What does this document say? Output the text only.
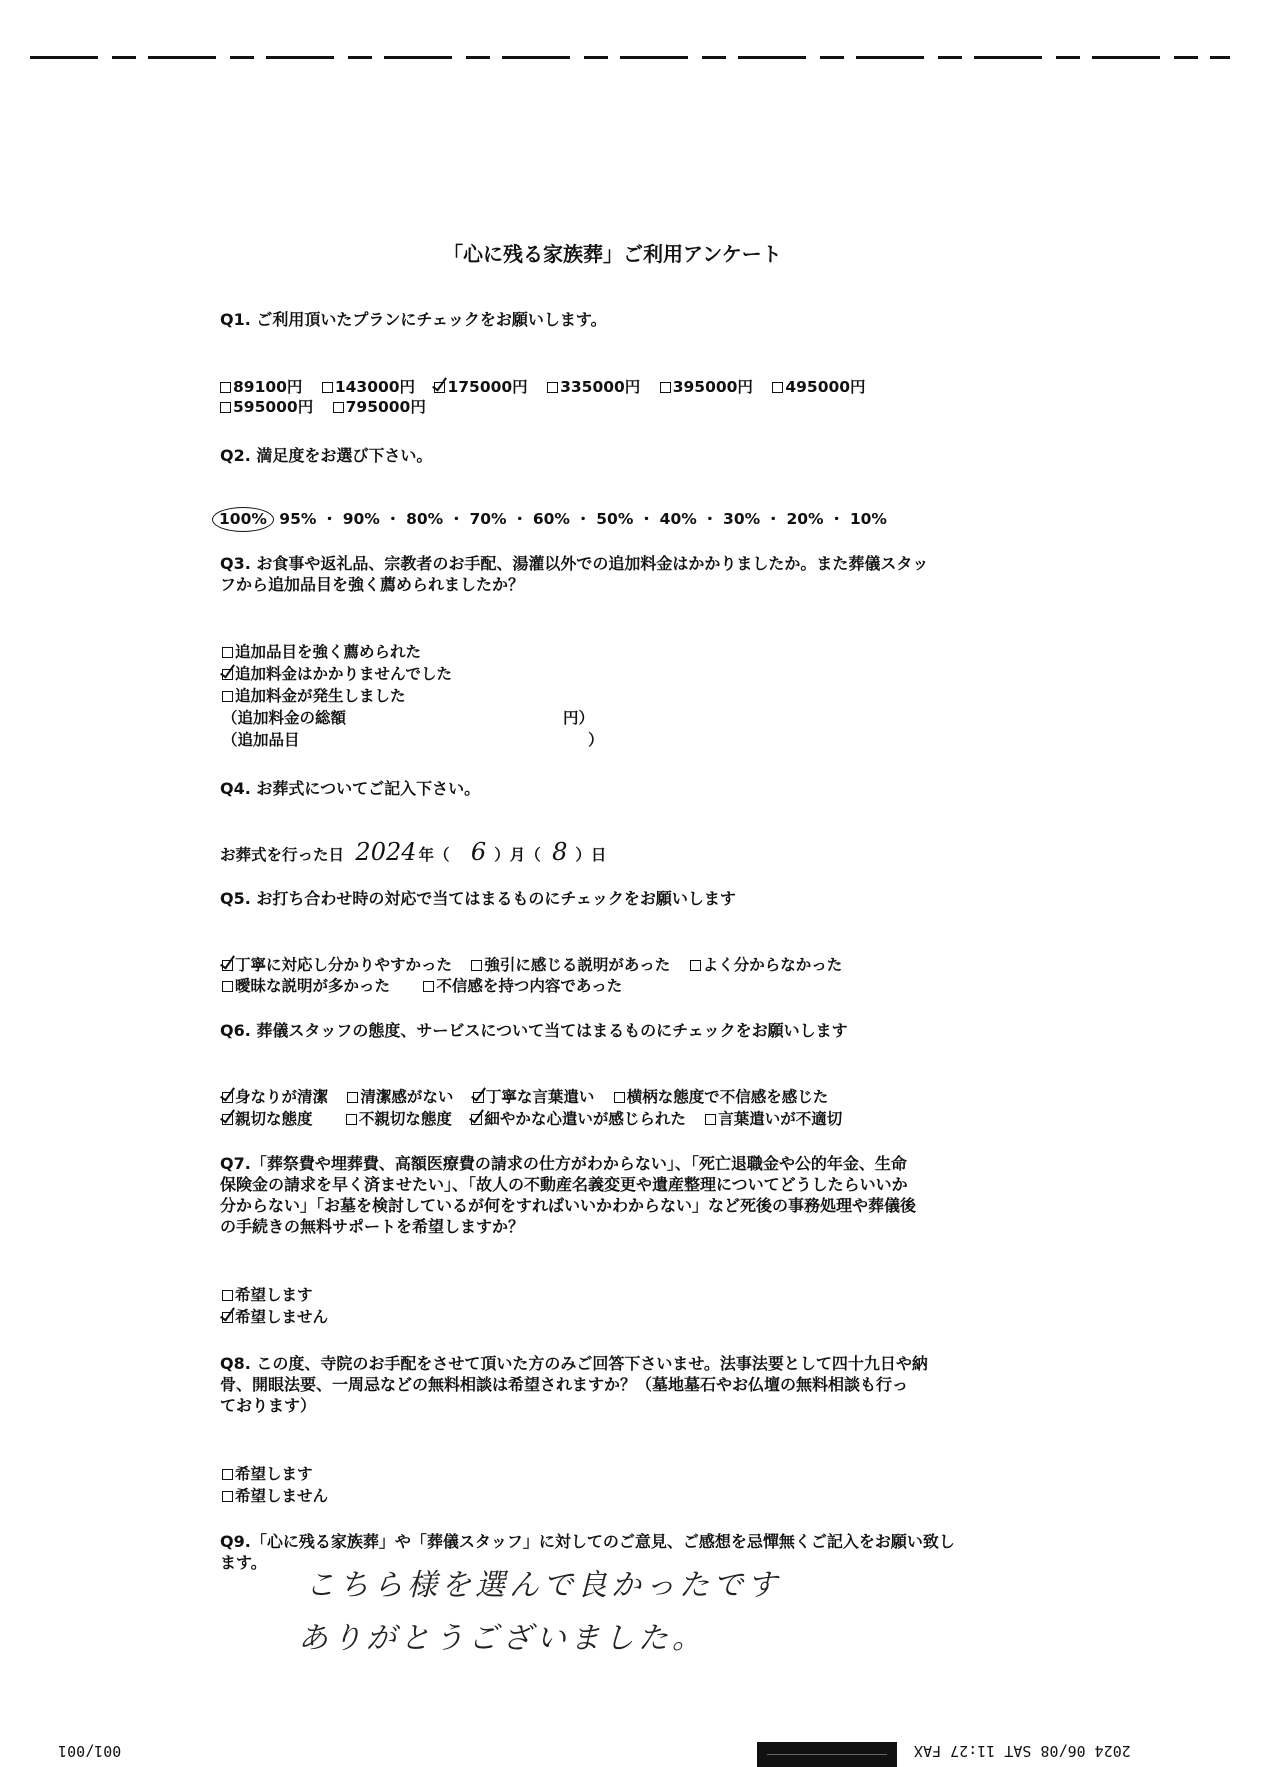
「心に残る家族葬」ご利用アンケート
Q1. ご利用頂いたプランにチェックをお願いします。
89100円 143000円 175000円 335000円 395000円 495000円
595000円 795000円
Q2. 満足度をお選び下さい。
100% 95% ・ 90% ・ 80% ・ 70% ・ 60% ・ 50% ・ 40% ・ 30% ・ 20% ・ 10%
Q3. お食事や返礼品、宗教者のお手配、湯灌以外での追加料金はかかりましたか。また葬儀スタッ
フから追加品目を強く薦められましたか？
追加品目を強く薦められた
追加料金はかかりませんでした
追加料金が発生しました
（追加料金の総額	円）
（追加品目	）
Q4. お葬式についてご記入下さい。
お葬式を行った日 2024 年（ 6 ）月（ 8 ）日
Q5. お打ち合わせ時の対応で当てはまるものにチェックをお願いします
丁寧に対応し分かりやすかった 強引に感じる説明があった よく分からなかった
曖昧な説明が多かった	不信感を持つ内容であった
Q6. 葬儀スタッフの態度、サービスについて当てはまるものにチェックをお願いします
身なりが清潔 清潔感がない 丁寧な言葉遣い 横柄な態度で不信感を感じた
親切な態度	不親切な態度 細やかな心遣いが感じられた 言葉遣いが不適切
Q7.「葬祭費や埋葬費、高額医療費の請求の仕方がわからない」、「死亡退職金や公的年金、生命
保険金の請求を早く済ませたい」、「故人の不動産名義変更や遺産整理についてどうしたらいいか
分からない」「お墓を検討しているが何をすればいいかわからない」など死後の事務処理や葬儀後
の手続きの無料サポートを希望しますか？
希望します
希望しません
Q8. この度、寺院のお手配をさせて頂いた方のみご回答下さいませ。法事法要として四十九日や納
骨、開眼法要、一周忌などの無料相談は希望されますか？（墓地墓石やお仏壇の無料相談も行っ
ております）
希望します
希望しません
Q9.「心に残る家族葬」や「葬儀スタッフ」に対してのご意見、ご感想を忌憚無くご記入をお願い致し
ます。
こちら様を選んで良かったです
ありがとうございました。
001/001	2024 06/08 SAT 11:27 FAX
